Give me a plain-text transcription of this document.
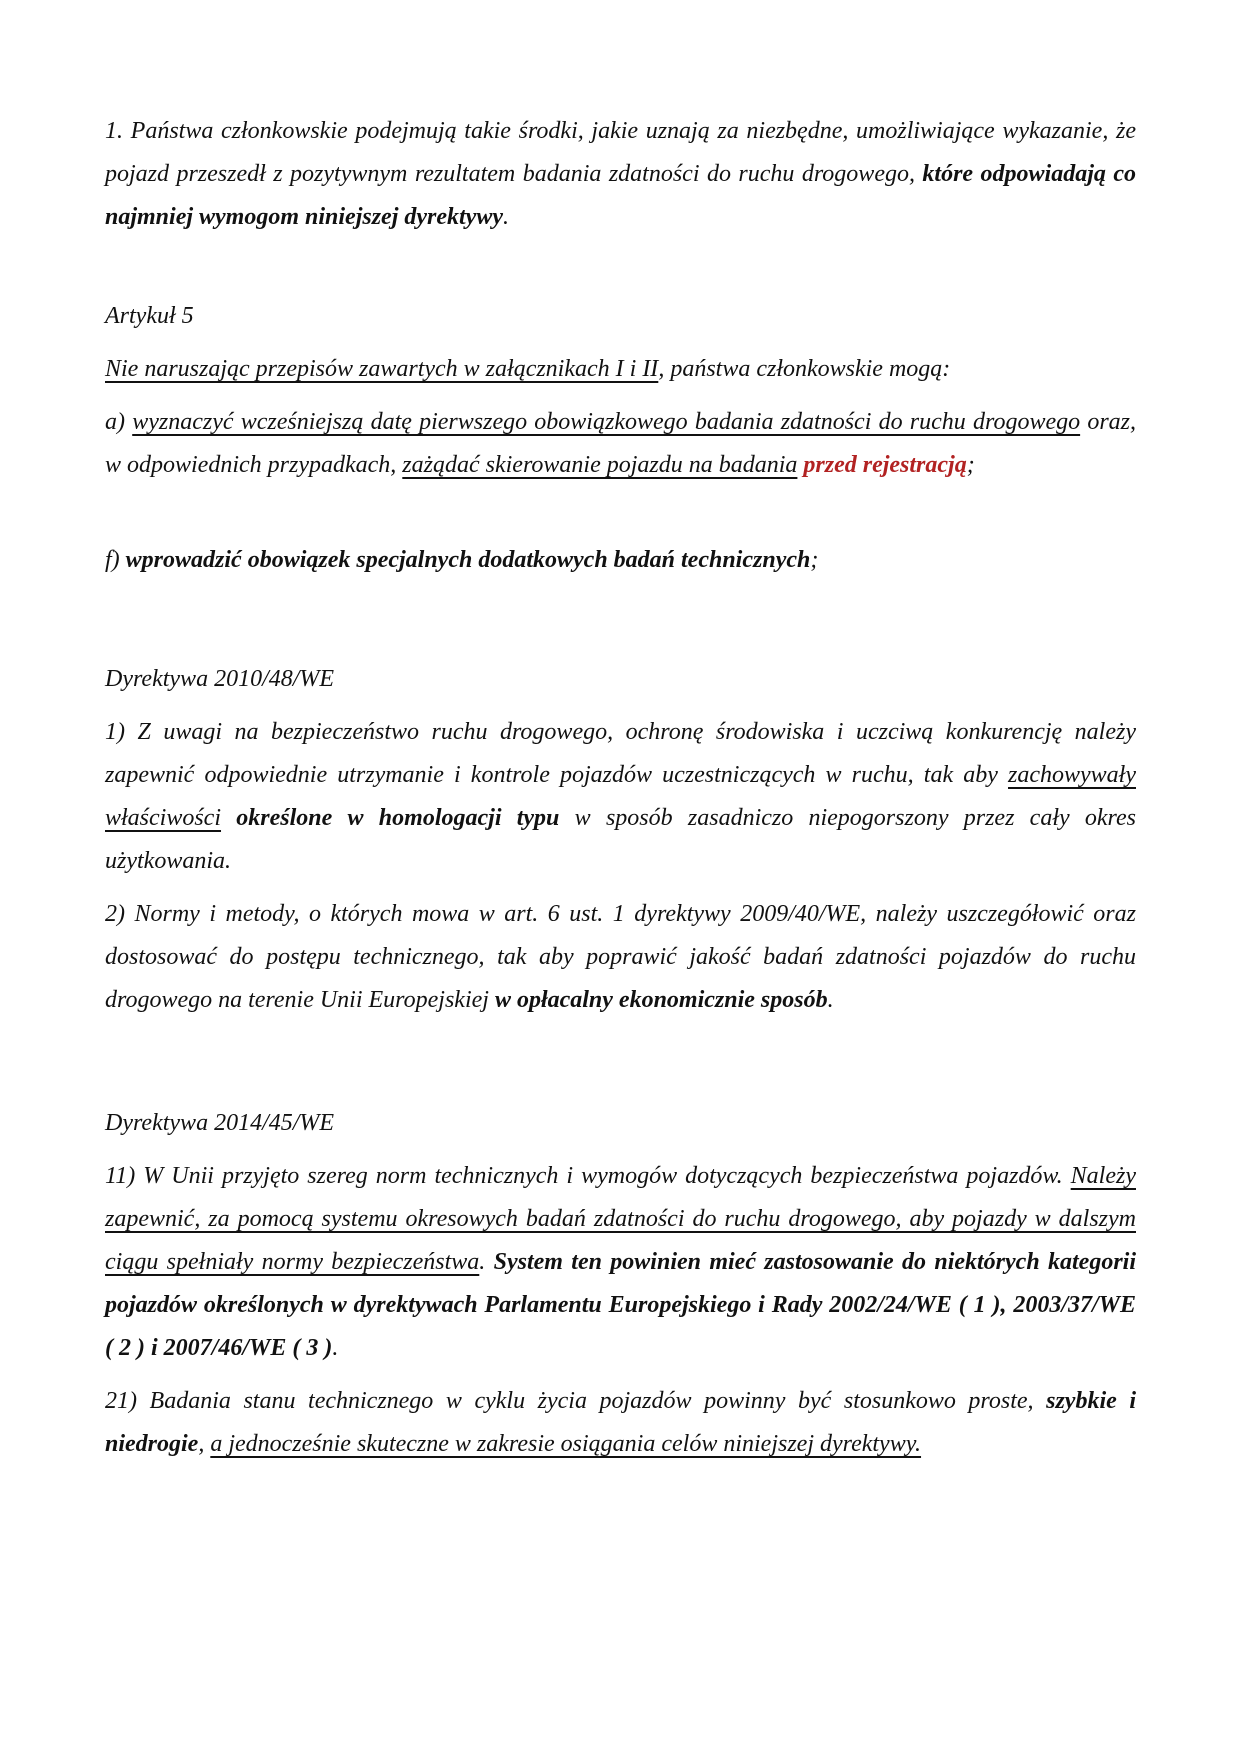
1. Państwa członkowskie podejmują takie środki, jakie uznają za niezbędne, umożliwiające wykazanie, że pojazd przeszedł z pozytywnym rezultatem badania zdatności do ruchu drogowego, które odpowiadają co najmniej wymogom niniejszej dyrektywy.

Artykuł 5

Nie naruszając przepisów zawartych w załącznikach I i II, państwa członkowskie mogą:

a) wyznaczyć wcześniejszą datę pierwszego obowiązkowego badania zdatności do ruchu drogowego oraz, w odpowiednich przypadkach, zażądać skierowanie pojazdu na badania przed rejestracją;

f) wprowadzić obowiązek specjalnych dodatkowych badań technicznych;

Dyrektywa 2010/48/WE

1) Z uwagi na bezpieczeństwo ruchu drogowego, ochronę środowiska i uczciwą konkurencję należy zapewnić odpowiednie utrzymanie i kontrole pojazdów uczestniczących w ruchu, tak aby zachowywały właściwości określone w homologacji typu w sposób zasadniczo niepogorszony przez cały okres użytkowania.

2) Normy i metody, o których mowa w art. 6 ust. 1 dyrektywy 2009/40/WE, należy uszczegółowić oraz dostosować do postępu technicznego, tak aby poprawić jakość badań zdatności pojazdów do ruchu drogowego na terenie Unii Europejskiej w opłacalny ekonomicznie sposób.

Dyrektywa 2014/45/WE

11) W Unii przyjęto szereg norm technicznych i wymogów dotyczących bezpieczeństwa pojazdów. Należy zapewnić, za pomocą systemu okresowych badań zdatności do ruchu drogowego, aby pojazdy w dalszym ciągu spełniały normy bezpieczeństwa. System ten powinien mieć zastosowanie do niektórych kategorii pojazdów określonych w dyrektywach Parlamentu Europejskiego i Rady 2002/24/WE ( 1 ), 2003/37/WE ( 2 ) i 2007/46/WE ( 3 ).

21) Badania stanu technicznego w cyklu życia pojazdów powinny być stosunkowo proste, szybkie i niedrogie, a jednocześnie skuteczne w zakresie osiągania celów niniejszej dyrektywy.
